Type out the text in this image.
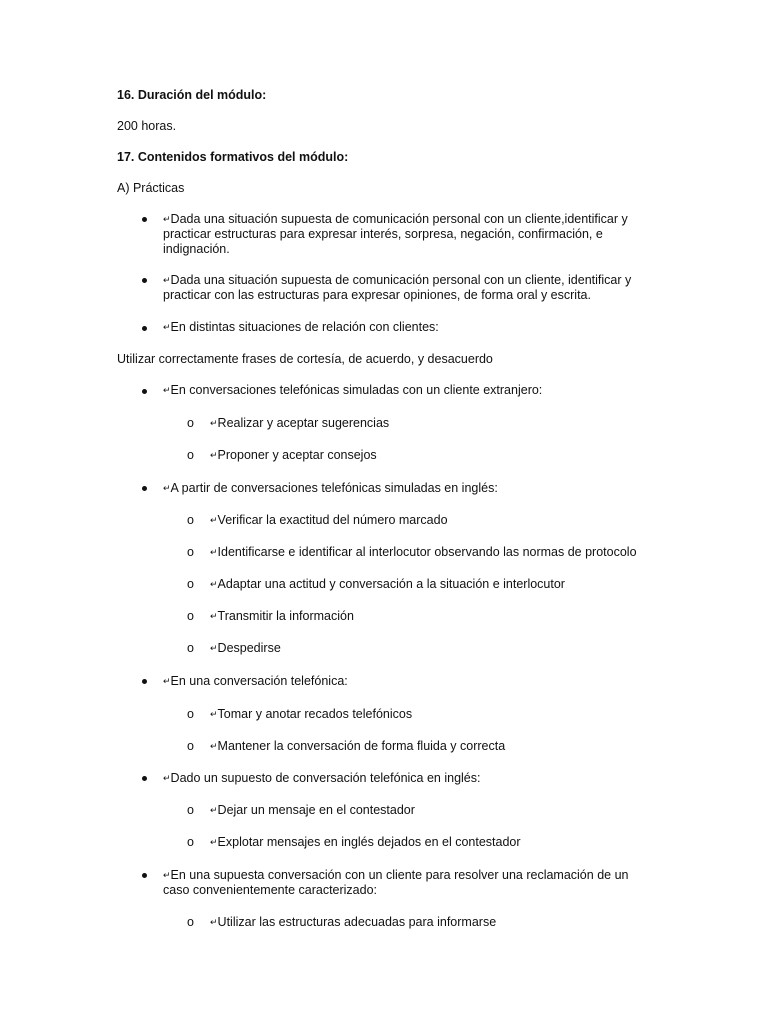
16. Duración del módulo:
200 horas.
17. Contenidos formativos del módulo:
A) Prácticas
↵Dada una situación supuesta de comunicación personal con un cliente,identificar y
practicar estructuras para expresar interés, sorpresa, negación, confirmación, e
indignación.
↵Dada una situación supuesta de comunicación personal con un cliente, identificar y
practicar con las estructuras para expresar opiniones, de forma oral y escrita.
↵En distintas situaciones de relación con clientes:
Utilizar correctamente frases de cortesía, de acuerdo, y desacuerdo
↵En conversaciones telefónicas simuladas con un cliente extranjero:
o ↵Realizar y aceptar sugerencias
o ↵Proponer y aceptar consejos
↵A partir de conversaciones telefónicas simuladas en inglés:
o ↵Verificar la exactitud del número marcado
o ↵Identificarse e identificar al interlocutor observando las normas de protocolo
o ↵Adaptar una actitud y conversación a la situación e interlocutor
o ↵Transmitir la información
o ↵Despedirse
↵En una conversación telefónica:
o ↵Tomar y anotar recados telefónicos
o ↵Mantener la conversación de forma fluida y correcta
↵Dado un supuesto de conversación telefónica en inglés:
o ↵Dejar un mensaje en el contestador
o ↵Explotar mensajes en inglés dejados en el contestador
↵En una supuesta conversación con un cliente para resolver una reclamación de un
caso convenientemente caracterizado:
o ↵Utilizar las estructuras adecuadas para informarse
